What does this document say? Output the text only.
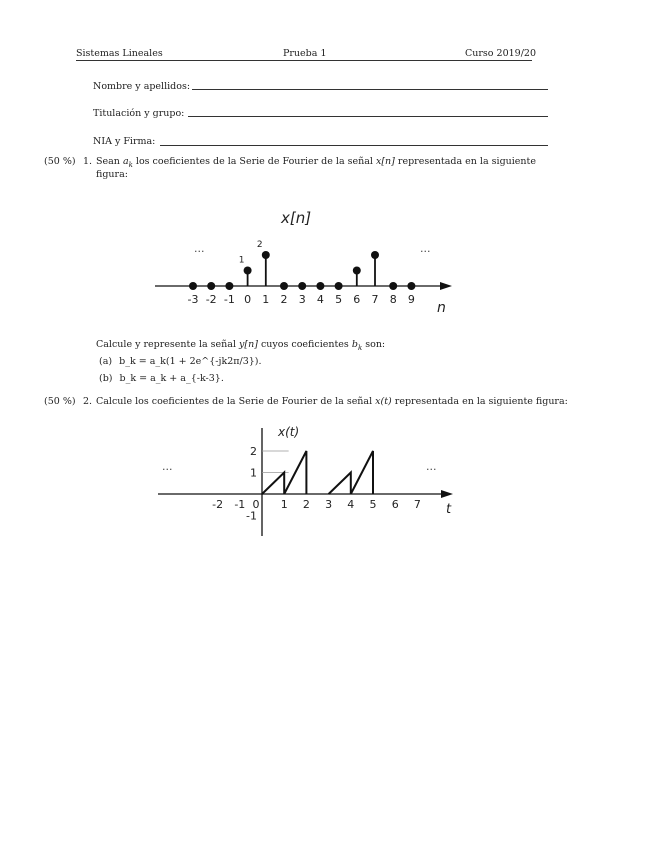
Sistemas Lineales	Prueba 1	Curso 2019/20
Nombre y apellidos:
Titulación y grupo:
NIA y Firma:
(50 %) 1. Sean $a_k$ los coeficientes de la Serie de Fourier de la señal x[n] representada en la siguiente
figura:
x[n]
n
...	...
-3 -2 -1 0 1 2 3 4 5 6 7 8 9
1
2
Calcule y represente la señal y[n] cuyos coeficientes $b_k$ son:
(a) b_k = a_k(1 + 2e^{-jk2π/3}).
(b) b_k = a_k + a_{-k-3}.
(50 %) 2. Calcule los coeficientes de la Serie de Fourier de la señal x(t) representada en la siguiente figura:
x(t)
t
...	...
2
1
-1
-2 -1 0 1 2 3 4 5 6 7
